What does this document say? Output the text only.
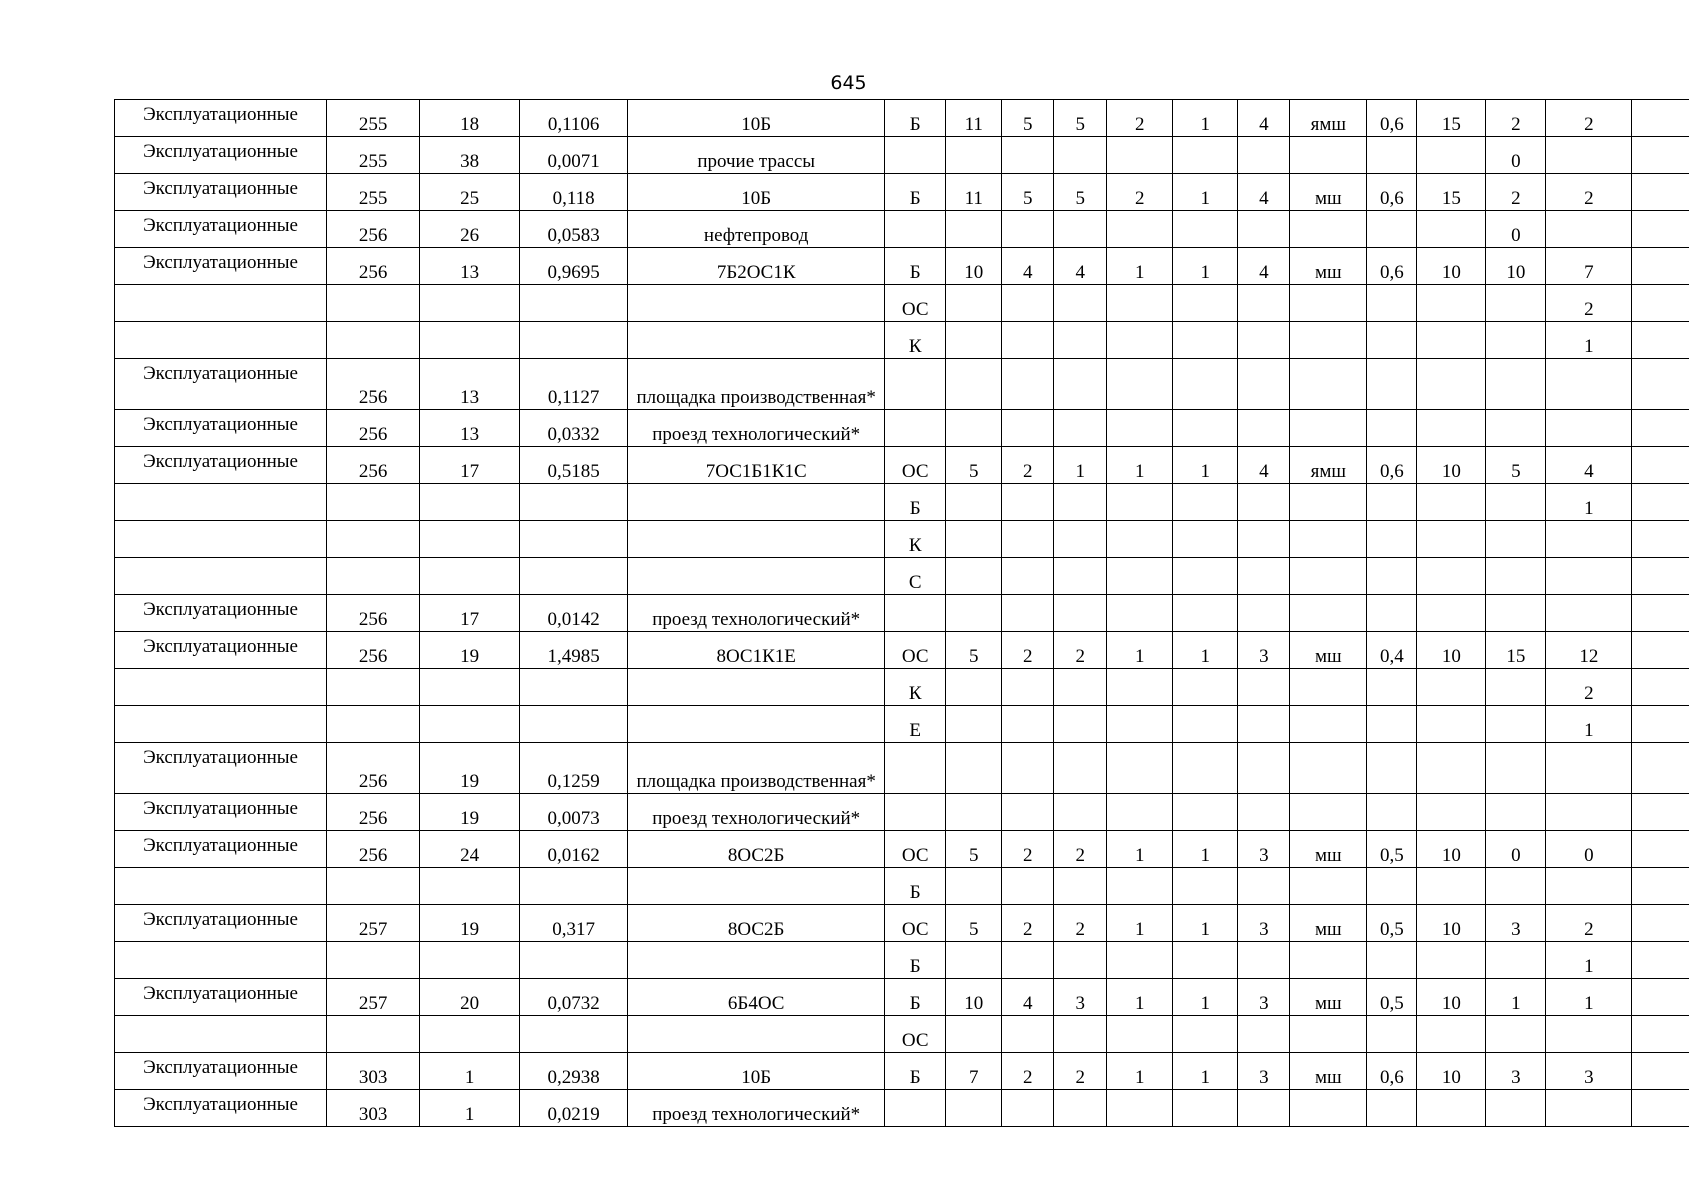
645
Эксплуатационные	255	18	0,1106	10Б	Б	11	5	5	2	1	4	ямш	0,6	15	2	2	
Эксплуатационные	255	38	0,0071	прочие трассы											0		
Эксплуатационные	255	25	0,118	10Б	Б	11	5	5	2	1	4	мш	0,6	15	2	2	
Эксплуатационные	256	26	0,0583	нефтепровод											0		
Эксплуатационные	256	13	0,9695	7Б2ОС1К	Б	10	4	4	1	1	4	мш	0,6	10	10	7	
					ОС											2	
					К											1	
Эксплуатационные	256	13	0,1127	площадка производственная*													
Эксплуатационные	256	13	0,0332	проезд технологический*													
Эксплуатационные	256	17	0,5185	7ОС1Б1К1С	ОС	5	2	1	1	1	4	ямш	0,6	10	5	4	
					Б											1	
					К												
					С												
Эксплуатационные	256	17	0,0142	проезд технологический*													
Эксплуатационные	256	19	1,4985	8ОС1К1Е	ОС	5	2	2	1	1	3	мш	0,4	10	15	12	
					К											2	
					Е											1	
Эксплуатационные	256	19	0,1259	площадка производственная*													
Эксплуатационные	256	19	0,0073	проезд технологический*													
Эксплуатационные	256	24	0,0162	8ОС2Б	ОС	5	2	2	1	1	3	мш	0,5	10	0	0	
					Б												
Эксплуатационные	257	19	0,317	8ОС2Б	ОС	5	2	2	1	1	3	мш	0,5	10	3	2	
					Б											1	
Эксплуатационные	257	20	0,0732	6Б4ОС	Б	10	4	3	1	1	3	мш	0,5	10	1	1	
					ОС												
Эксплуатационные	303	1	0,2938	10Б	Б	7	2	2	1	1	3	мш	0,6	10	3	3	
Эксплуатационные	303	1	0,0219	проезд технологический*													
